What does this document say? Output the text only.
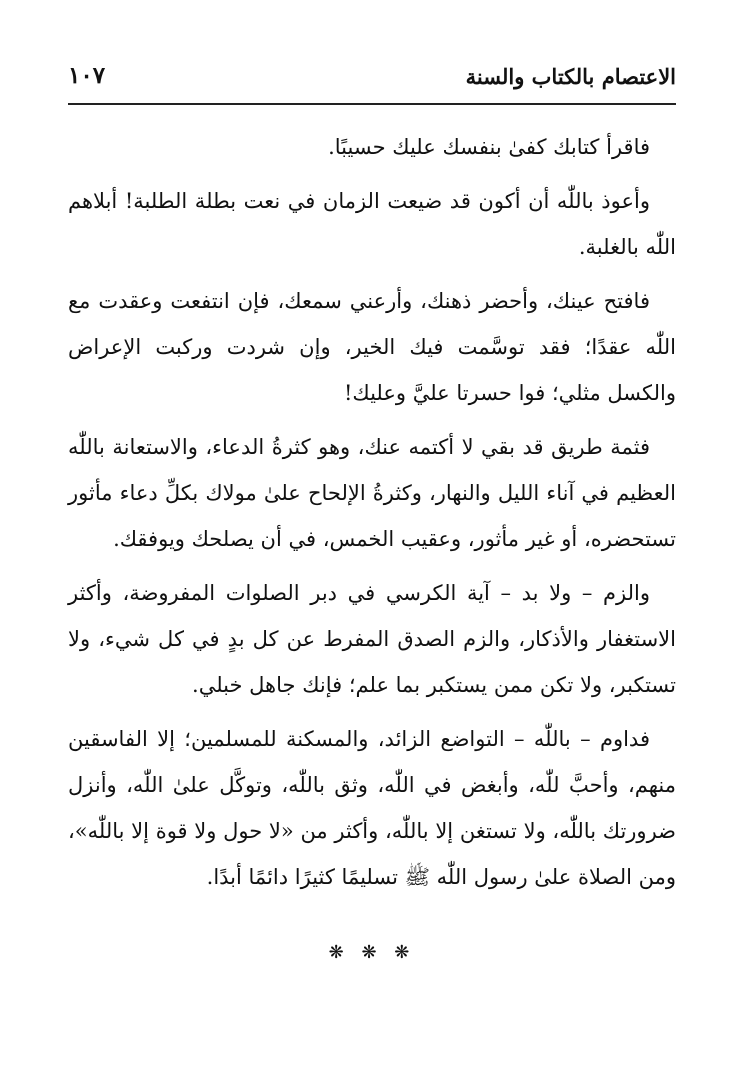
الاعتصام بالكتاب والسنة
١٠٧

فاقرأ كتابك كفىٰ بنفسك عليك حسيبًا.

وأعوذ باللّٰه أن أكون قد ضيعت الزمان في نعت بطلة الطلبة! أبلاهم اللّٰه بالغلبة.

فافتح عينك، وأحضر ذهنك، وأرعني سمعك، فإن انتفعت وعقدت مع اللّٰه عقدًا؛ فقد توسَّمت فيك الخير، وإن شردت وركبت الإعراض والكسل مثلي؛ فوا حسرتا عليَّ وعليك!

فثمة طريق قد بقي لا أكتمه عنك، وهو كثرةُ الدعاء، والاستعانة باللّٰه العظيم في آناء الليل والنهار، وكثرةُ الإلحاح علىٰ مولاك بكلِّ دعاء مأثور تستحضره، أو غير مأثور، وعقيب الخمس، في أن يصلحك ويوفقك.

والزم – ولا بد – آية الكرسي في دبر الصلوات المفروضة، وأكثر الاستغفار والأذكار، والزم الصدق المفرط عن كل بدٍ في كل شيء، ولا تستكبر، ولا تكن ممن يستكبر بما علم؛ فإنك جاهل خبلي.

فداوم – باللّٰه – التواضع الزائد، والمسكنة للمسلمين؛ إلا الفاسقين منهم، وأحبَّ للّٰه، وأبغض في اللّٰه، وثق باللّٰه، وتوكَّل علىٰ اللّٰه، وأنزل ضرورتك باللّٰه، ولا تستغن إلا باللّٰه، وأكثر من «لا حول ولا قوة إلا باللّٰه»، ومن الصلاة علىٰ رسول اللّٰه ﷺ تسليمًا كثيرًا دائمًا أبدًا.

❋ ❋ ❋
